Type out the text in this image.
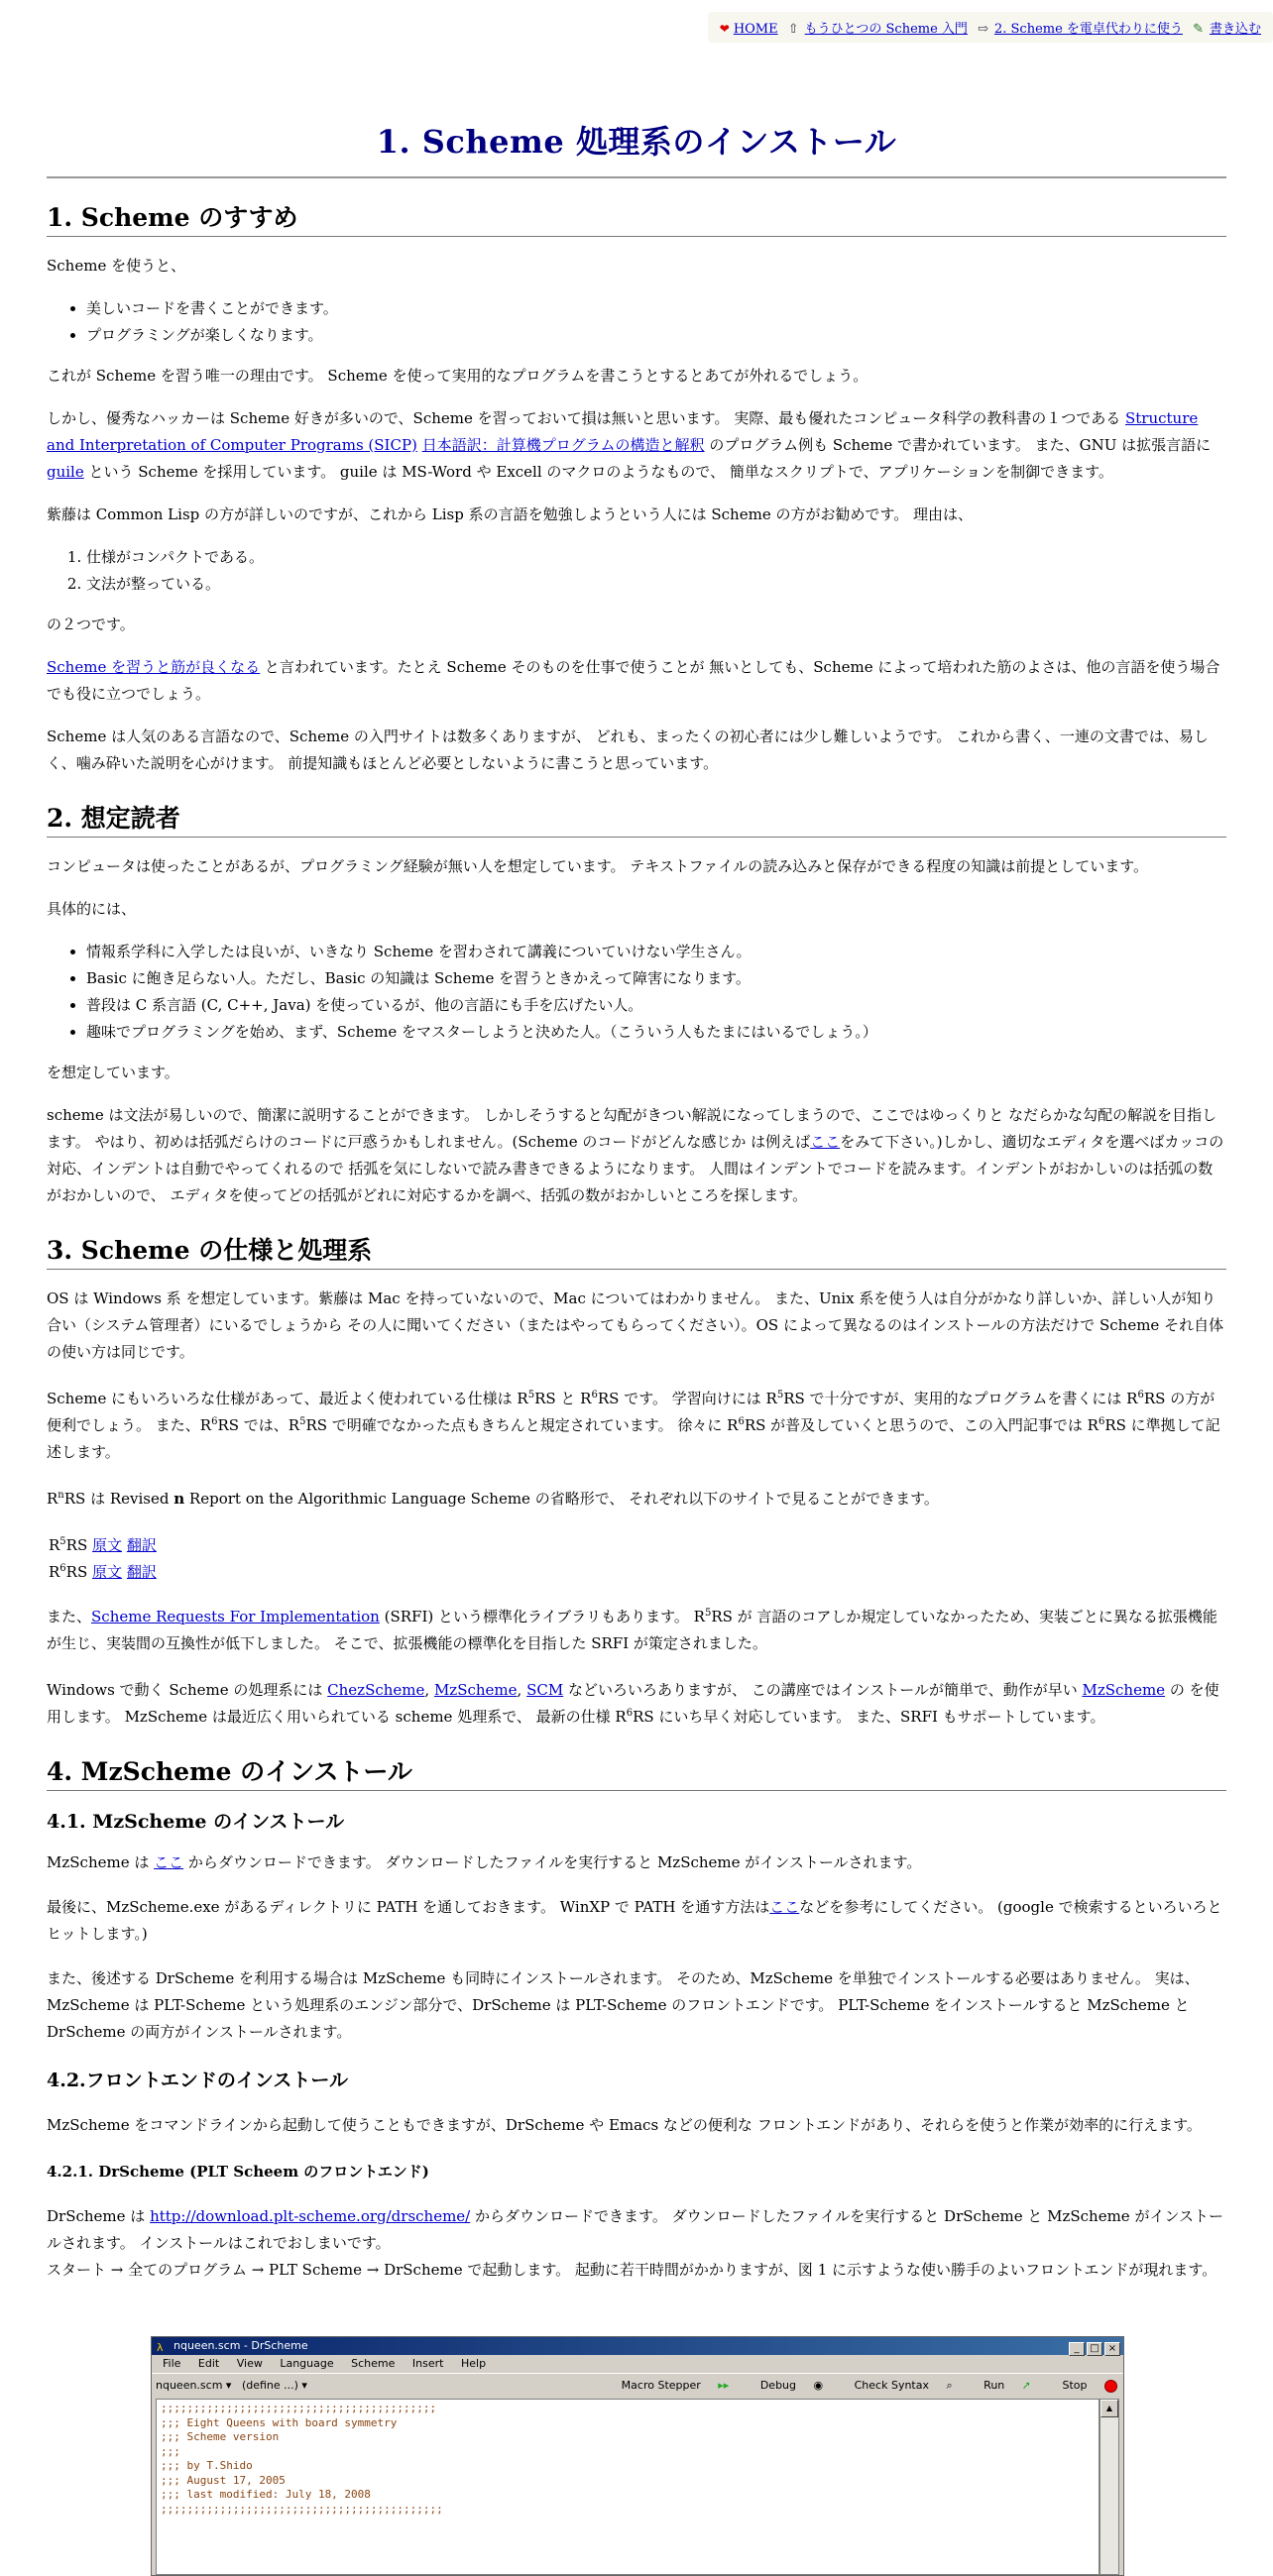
❤ HOME ⇧ もうひとつの Scheme 入門 ⇨ 2. Scheme を電卓代わりに使う ✎ 書き込む
1. Scheme 処理系のインストール
1. Scheme のすすめ

Scheme を使うと、

• 美しいコードを書くことができます。
• プログラミングが楽しくなります。

これが Scheme を習う唯一の理由です。 Scheme を使って実用的なプログラムを書こうとするとあてが外れるでしょう。

しかし、優秀なハッカーは Scheme 好きが多いので、Scheme を習っておいて損は無いと思います。 実際、最も優れたコンピュータ科学の教科書の１つである Structure and Interpretation of Computer Programs (SICP) 日本語訳：計算機プログラムの構造と解釈 のプログラム例も Scheme で書かれています。 また、GNU は拡張言語に guile という Scheme を採用しています。 guile は MS-Word や Excell のマクロのようなもので、 簡単なスクリプトで、アプリケーションを制御できます。

紫藤は Common Lisp の方が詳しいのですが、これから Lisp 系の言語を勉強しようという人には Scheme の方がお勧めです。 理由は、

1. 仕様がコンパクトである。
2. 文法が整っている。

の２つです。

Scheme を習うと筋が良くなる と言われています。たとえ Scheme そのものを仕事で使うことが 無いとしても、Scheme によって培われた筋のよさは、他の言語を使う場合でも役に立つでしょう。

Scheme は人気のある言語なので、Scheme の入門サイトは数多くありますが、 どれも、まったくの初心者には少し難しいようです。 これから書く、一連の文書では、易しく、噛み砕いた説明を心がけます。 前提知識もほとんど必要としないように書こうと思っています。

2. 想定読者

コンピュータは使ったことがあるが、プログラミング経験が無い人を想定しています。 テキストファイルの読み込みと保存ができる程度の知識は前提としています。

具体的には、

• 情報系学科に入学したは良いが、いきなり Scheme を習わされて講義についていけない学生さん。
• Basic に飽き足らない人。ただし、Basic の知識は Scheme を習うときかえって障害になります。
• 普段は C 系言語 (C, C++, Java) を使っているが、他の言語にも手を広げたい人。
• 趣味でプログラミングを始め、まず、Scheme をマスターしようと決めた人。（こういう人もたまにはいるでしょう。）

を想定しています。

scheme は文法が易しいので、簡潔に説明することができます。 しかしそうすると勾配がきつい解説になってしまうので、ここではゆっくりと なだらかな勾配の解説を目指します。 やはり、初めは括弧だらけのコードに戸惑うかもしれません。(Scheme のコードがどんな感じか は例えばここをみて下さい。)しかし、適切なエディタを選べばカッコの対応、インデントは自動でやってくれるので 括弧を気にしないで読み書きできるようになります。 人間はインデントでコードを読みます。インデントがおかしいのは括弧の数がおかしいので、 エディタを使ってどの括弧がどれに対応するかを調べ、括弧の数がおかしいところを探します。

3. Scheme の仕様と処理系

OS は Windows 系 を想定しています。紫藤は Mac を持っていないので、Mac についてはわかりません。 また、Unix 系を使う人は自分がかなり詳しいか、詳しい人が知り合い（システム管理者）にいるでしょうから その人に聞いてください（またはやってもらってください）。OS によって異なるのはインストールの方法だけで Scheme それ自体の使い方は同じです。

Scheme にもいろいろな仕様があって、最近よく使われている仕様は $R^5RS$ と $R^6RS$ です。 学習向けには $R^5RS$ で十分ですが、実用的なプログラムを書くには $R^6RS$ の方が便利でしょう。 また、$R^6RS$ では、$R^5RS$ で明確でなかった点もきちんと規定されています。 徐々に $R^6RS$ が普及していくと思うので、この入門記事では $R^6RS$ に準拠して記述します。

$R^nRS$ は Revised n Report on the Algorithmic Language Scheme の省略形で、 それぞれ以下のサイトで見ることができます。

$R^5RS$ 原文 翻訳
$R^6RS$ 原文 翻訳

また、Scheme Requests For Implementation (SRFI) という標準化ライブラリもあります。 $R^5RS$ が 言語のコアしか規定していなかったため、実装ごとに異なる拡張機能が生じ、実装間の互換性が低下しました。 そこで、拡張機能の標準化を目指した SRFI が策定されました。

Windows で動く Scheme の処理系には ChezScheme, MzScheme, SCM などいろいろありますが、 この講座ではインストールが簡単で、動作が早い MzScheme の を使用します。 MzScheme は最近広く用いられている scheme 処理系で、 最新の仕様 $R^6RS$ にいち早く対応しています。 また、SRFI もサポートしています。

4. MzScheme のインストール
4.1. MzScheme のインストール

MzScheme は ここ からダウンロードできます。 ダウンロードしたファイルを実行すると MzScheme がインストールされます。

最後に、MzScheme.exe があるディレクトリに PATH を通しておきます。 WinXP で PATH を通す方法はここなどを参考にしてください。 (google で検索するといろいろとヒットします。)

また、後述する DrScheme を利用する場合は MzScheme も同時にインストールされます。 そのため、MzScheme を単独でインストールする必要はありません。 実は、MzScheme は PLT-Scheme という処理系のエンジン部分で、DrScheme は PLT-Scheme のフロントエンドです。 PLT-Scheme をインストールすると MzScheme と DrScheme の両方がインストールされます。

4.2.フロントエンドのインストール

MzScheme をコマンドラインから起動して使うこともできますが、DrScheme や Emacs などの便利な フロントエンドがあり、それらを使うと作業が効率的に行えます。

4.2.1. DrScheme (PLT Scheem のフロントエンド)

DrScheme は http://download.plt-scheme.org/drscheme/ からダウンロードできます。 ダウンロードしたファイルを実行すると DrScheme と MzScheme がインストールされます。 インストールはこれでおしまいです。

スタート → 全てのプログラム → PLT Scheme → DrScheme で起動します。 起動に若干時間がかかりますが、図 1 に示すような使い勝手のよいフロントエンドが現れます。

λ nqueen.scm - DrScheme	_ □ ×
File Edit View Language Scheme Insert Help
nqueen.scm ▾ (define ...) ▾	Macro Stepper ▸▸	Debug ◉	Check Syntax ⌕	Run ➚	Stop
;;;;;;;;;;;;;;;;;;;;;;;;;;;;;;;;;;;;;;;;;;
;;; Eight Queens with board symmetry
;;; Scheme version
;;;
;;; by T.Shido
;;; August 17, 2005
;;; last modified: July 18, 2008
;;;;;;;;;;;;;;;;;;;;;;;;;;;;;;;;;;;;;;;;;;;
▲
